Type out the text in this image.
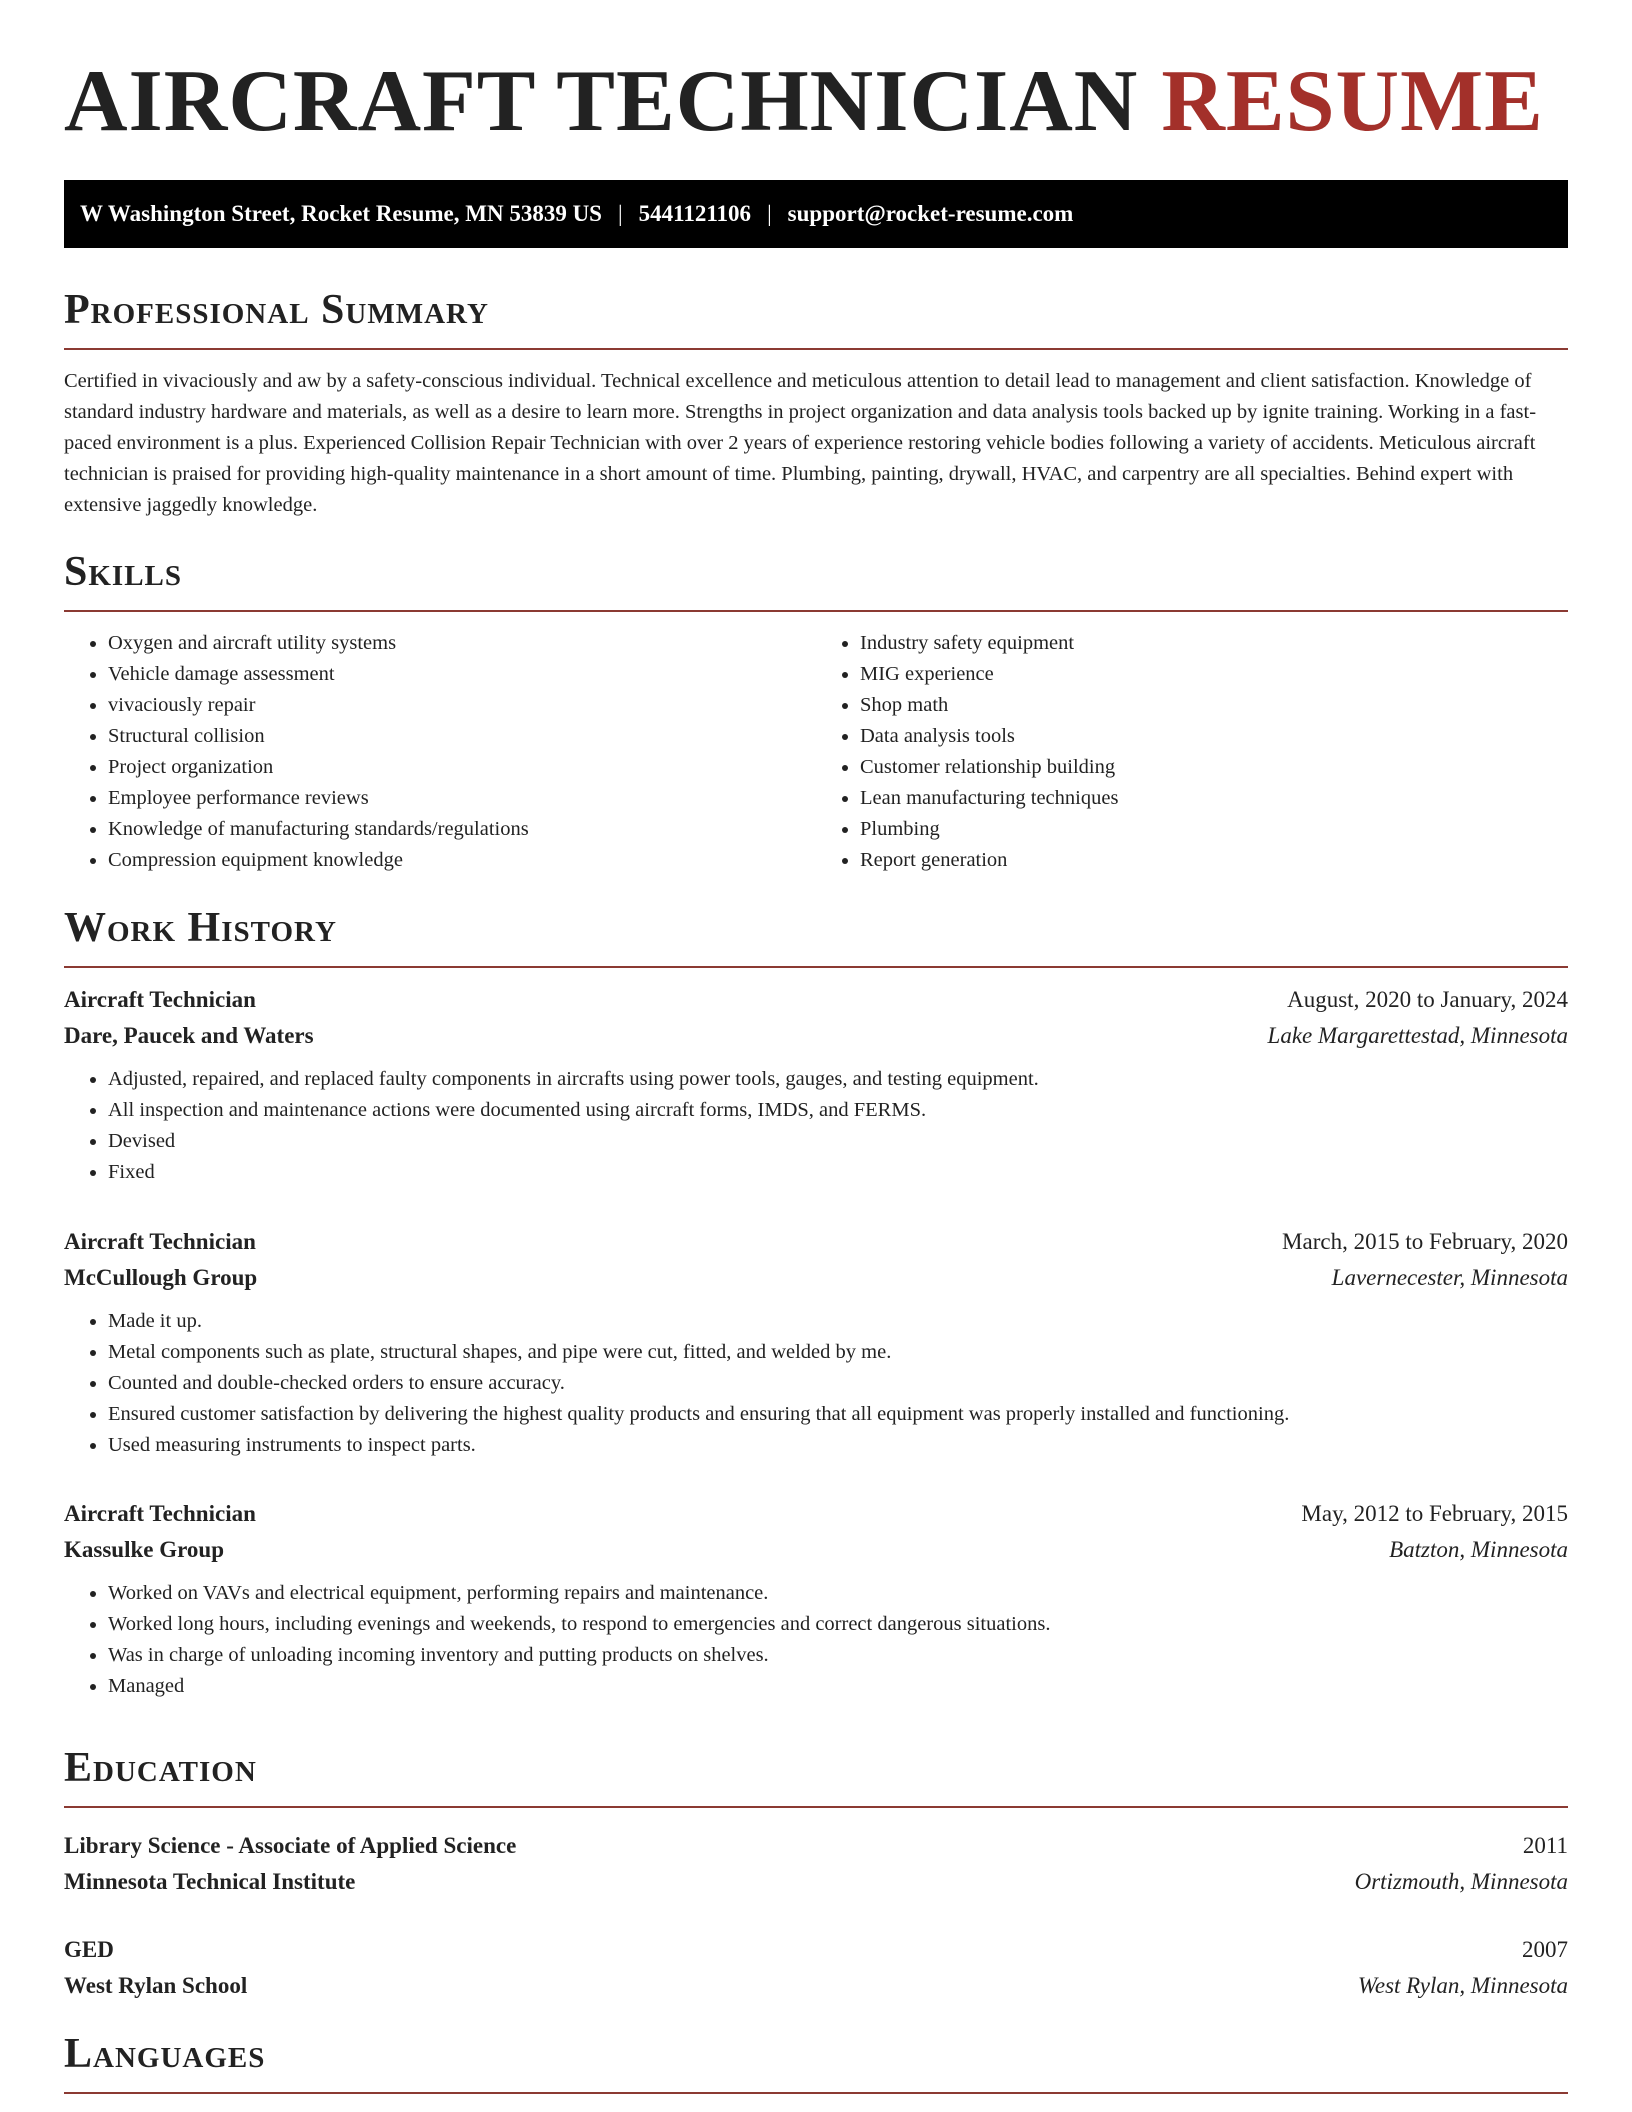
AIRCRAFT TECHNICIAN RESUME
W Washington Street, Rocket Resume, MN 53839 US | 5441121106 | support@rocket-resume.com
Professional Summary

Certified in vivaciously and aw by a safety-conscious individual. Technical excellence and meticulous attention to detail lead to management and client satisfaction. Knowledge of standard industry hardware and materials, as well as a desire to learn more. Strengths in project organization and data analysis tools backed up by ignite training. Working in a fast-paced environment is a plus. Experienced Collision Repair Technician with over 2 years of experience restoring vehicle bodies following a variety of accidents. Meticulous aircraft technician is praised for providing high-quality maintenance in a short amount of time. Plumbing, painting, drywall, HVAC, and carpentry are all specialties. Behind expert with extensive jaggedly knowledge.

Skills
• Oxygen and aircraft utility systems
• Vehicle damage assessment
• vivaciously repair
• Structural collision
• Project organization
• Employee performance reviews
• Knowledge of manufacturing standards/regulations
• Compression equipment knowledge
• Industry safety equipment
• MIG experience
• Shop math
• Data analysis tools
• Customer relationship building
• Lean manufacturing techniques
• Plumbing
• Report generation
Work History
Aircraft Technician	August, 2020 to January, 2024
Dare, Paucek and Waters	Lake Margarettestad, Minnesota
• Adjusted, repaired, and replaced faulty components in aircrafts using power tools, gauges, and testing equipment.
• All inspection and maintenance actions were documented using aircraft forms, IMDS, and FERMS.
• Devised
• Fixed
Aircraft Technician	March, 2015 to February, 2020
McCullough Group	Lavernecester, Minnesota
• Made it up.
• Metal components such as plate, structural shapes, and pipe were cut, fitted, and welded by me.
• Counted and double-checked orders to ensure accuracy.
• Ensured customer satisfaction by delivering the highest quality products and ensuring that all equipment was properly installed and functioning.
• Used measuring instruments to inspect parts.
Aircraft Technician	May, 2012 to February, 2015
Kassulke Group	Batzton, Minnesota
• Worked on VAVs and electrical equipment, performing repairs and maintenance.
• Worked long hours, including evenings and weekends, to respond to emergencies and correct dangerous situations.
• Was in charge of unloading incoming inventory and putting products on shelves.
• Managed
Education
Library Science - Associate of Applied Science	2011
Minnesota Technical Institute	Ortizmouth, Minnesota
GED	2007
West Rylan School	West Rylan, Minnesota
Languages
